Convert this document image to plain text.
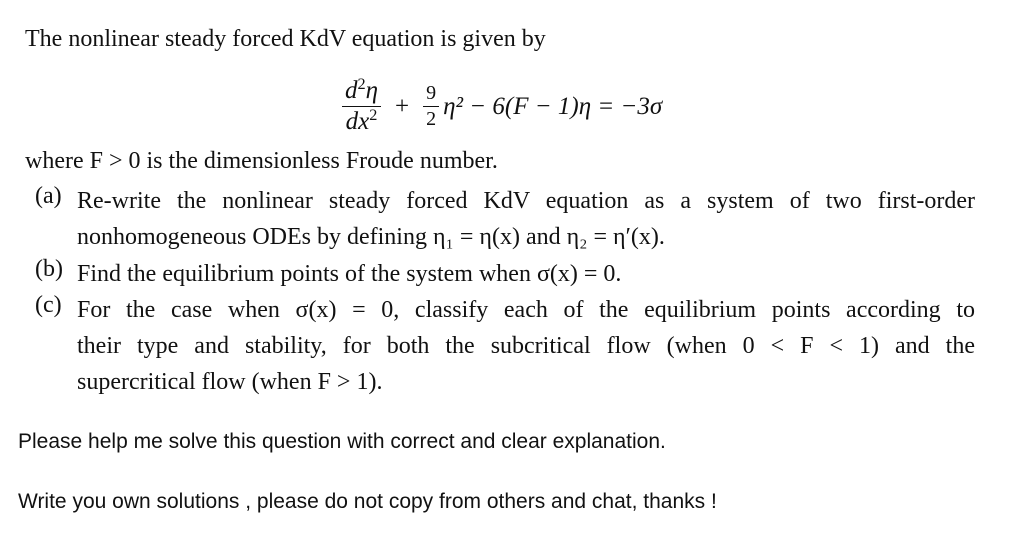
The nonlinear steady forced KdV equation is given by
$\frac{d^2\eta}{dx^2} + \frac{9}{2} \eta^2 - 6(F - 1)\eta = -3\sigma$
where F > 0 is the dimensionless Froude number.
(a) Re-write the nonlinear steady forced KdV equation as a system of two first-order
nonhomogeneous ODEs by defining η₁ = η(x) and η₂ = η′(x).
(b) Find the equilibrium points of the system when σ(x) = 0.
(c) For the case when σ(x) = 0, classify each of the equilibrium points according to
their type and stability, for both the subcritical flow (when 0 < F < 1) and the
supercritical flow (when F > 1).
Please help me solve this question with correct and clear explanation.
Write you own solutions , please do not copy from others and chat, thanks !
